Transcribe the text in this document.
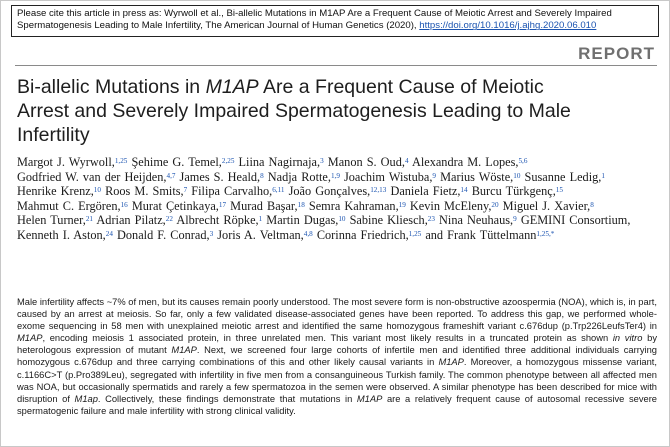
Please cite this article in press as: Wyrwoll et al., Bi-allelic Mutations in M1AP Are a Frequent Cause of Meiotic Arrest and Severely Impaired Spermatogenesis Leading to Male Infertility, The American Journal of Human Genetics (2020), https://doi.org/10.1016/j.ajhg.2020.06.010
REPORT
Bi-allelic Mutations in M1AP Are a Frequent Cause of Meiotic Arrest and Severely Impaired Spermatogenesis Leading to Male Infertility
Margot J. Wyrwoll,$^{1,25}$ Şehime G. Temel,$^{2,25}$ Liina Nagirnaja,$^3$ Manon S. Oud,$^4$ Alexandra M. Lopes,$^{5,6}$ Godfried W. van der Heijden,$^{4,7}$ James S. Heald,$^8$ Nadja Rotte,$^{1,9}$ Joachim Wistuba,$^9$ Marius Wöste,$^{10}$ Susanne Ledig,$^1$ Henrike Krenz,$^{10}$ Roos M. Smits,$^7$ Filipa Carvalho,$^{6,11}$ João Gonçalves,$^{12,13}$ Daniela Fietz,$^{14}$ Burcu Türkgenç,$^{15}$ Mahmut C. Ergören,$^{16}$ Murat Çetinkaya,$^{17}$ Murad Başar,$^{18}$ Semra Kahraman,$^{19}$ Kevin McEleny,$^{20}$ Miguel J. Xavier,$^8$ Helen Turner,$^{21}$ Adrian Pilatz,$^{22}$ Albrecht Röpke,$^1$ Martin Dugas,$^{10}$ Sabine Kliesch,$^{23}$ Nina Neuhaus,$^9$ GEMINI Consortium, Kenneth I. Aston,$^{24}$ Donald F. Conrad,$^3$ Joris A. Veltman,$^{4,8}$ Corinna Friedrich,$^{1,25}$ and Frank Tüttelmann$^{1,25,*}$
Male infertility affects ~7% of men, but its causes remain poorly understood. The most severe form is non-obstructive azoospermia (NOA), which is, in part, caused by an arrest at meiosis. So far, only a few validated disease-associated genes have been reported. To address this gap, we performed whole-exome sequencing in 58 men with unexplained meiotic arrest and identified the same homozygous frameshift variant c.676dup (p.Trp226LeufsTer4) in M1AP, encoding meiosis 1 associated protein, in three unrelated men. This variant most likely results in a truncated protein as shown in vitro by heterologous expression of mutant M1AP. Next, we screened four large cohorts of infertile men and identified three additional individuals carrying homozygous c.676dup and three carrying combinations of this and other likely causal variants in M1AP. Moreover, a homozygous missense variant, c.1166C>T (p.Pro389Leu), segregated with infertility in five men from a consanguineous Turkish family. The common phenotype between all affected men was NOA, but occasionally spermatids and rarely a few spermatozoa in the semen were observed. A similar phenotype has been described for mice with disruption of M1ap. Collectively, these findings demonstrate that mutations in M1AP are a relatively frequent cause of autosomal recessive severe spermatogenic failure and male infertility with strong clinical validity.
